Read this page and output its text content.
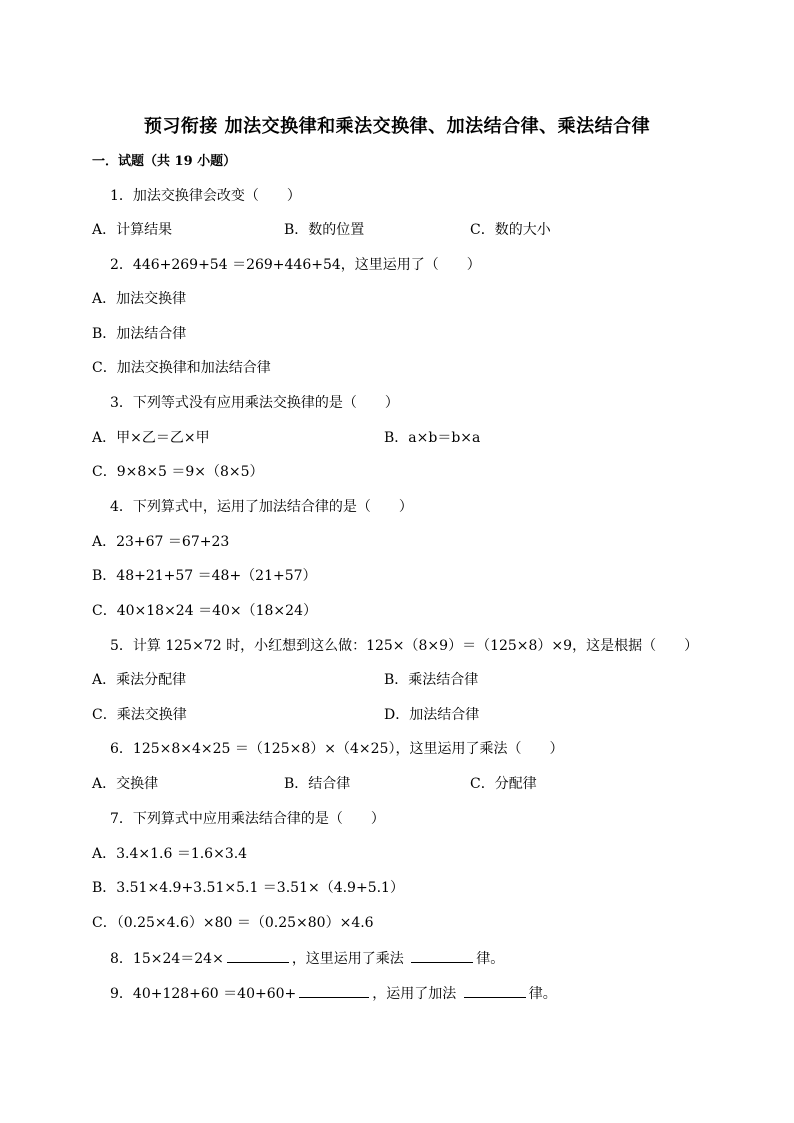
预习衔接 加法交换律和乘法交换律、加法结合律、乘法结合律
一．试题（共 19 小题）
1．加法交换律会改变（　　）
A．计算结果	B．数的位置	C．数的大小
2．446+269+54 ＝269+446+54，这里运用了（　　）
A．加法交换律
B．加法结合律
C．加法交换律和加法结合律
3．下列等式没有应用乘法交换律的是（　　）
A．甲×乙＝乙×甲	B．a×b＝b×a
C．9×8×5 ＝9×（8×5）
4．下列算式中，运用了加法结合律的是（　　）
A．23+67 ＝67+23
B．48+21+57 ＝48+（21+57）
C．40×18×24 ＝40×（18×24）
5．计算 125×72 时，小红想到这么做：125×（8×9）＝（125×8）×9，这是根据（　　）
A．乘法分配律	B．乘法结合律
C．乘法交换律	D．加法结合律
6．125×8×4×25 ＝（125×8）×（4×25），这里运用了乘法（　　）
A．交换律	B．结合律	C．分配律
7．下列算式中应用乘法结合律的是（　　）
A．3.4×1.6 ＝1.6×3.4
B．3.51×4.9+3.51×5.1 ＝3.51×（4.9+5.1）
C．（0.25×4.6）×80 ＝（0.25×80）×4.6
8．15×24＝24×	，这里运用了乘法	律。
9．40+128+60 ＝40+60+	，运用了加法	律。
